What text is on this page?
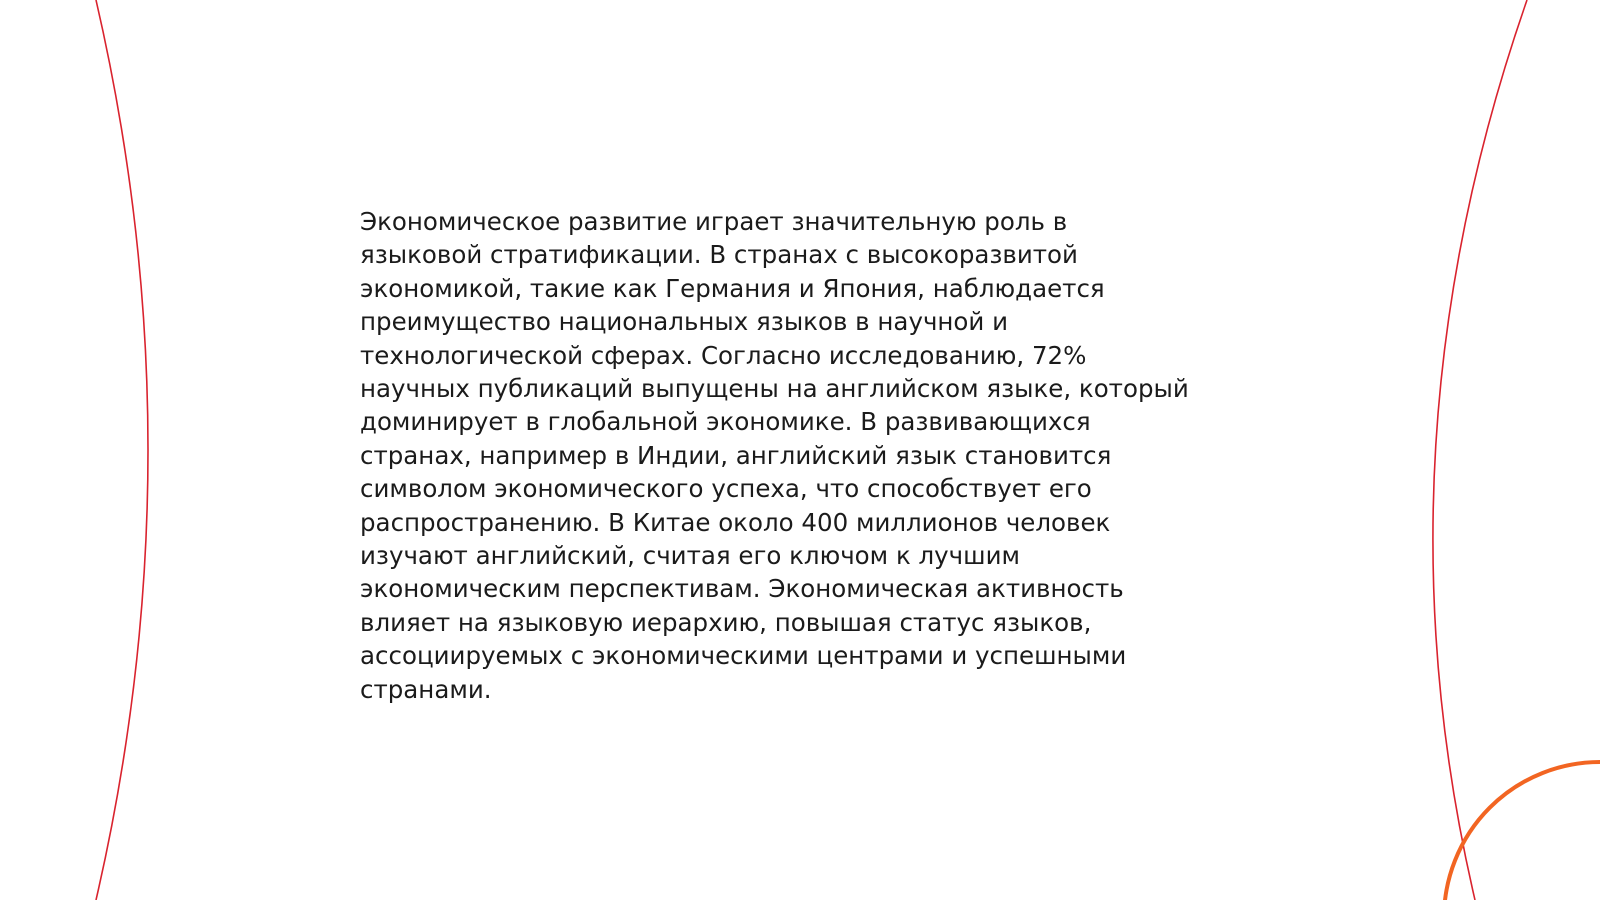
Экономическое развитие играет значительную роль в
языковой стратификации. В странах с высокоразвитой
экономикой, такие как Германия и Япония, наблюдается
преимущество национальных языков в научной и
технологической сферах. Согласно исследованию, 72%
научных публикаций выпущены на английском языке, который
доминирует в глобальной экономике. В развивающихся
странах, например в Индии, английский язык становится
символом экономического успеха, что способствует его
распространению. В Китае около 400 миллионов человек
изучают английский, считая его ключом к лучшим
экономическим перспективам. Экономическая активность
влияет на языковую иерархию, повышая статус языков,
ассоциируемых с экономическими центрами и успешными
странами.
